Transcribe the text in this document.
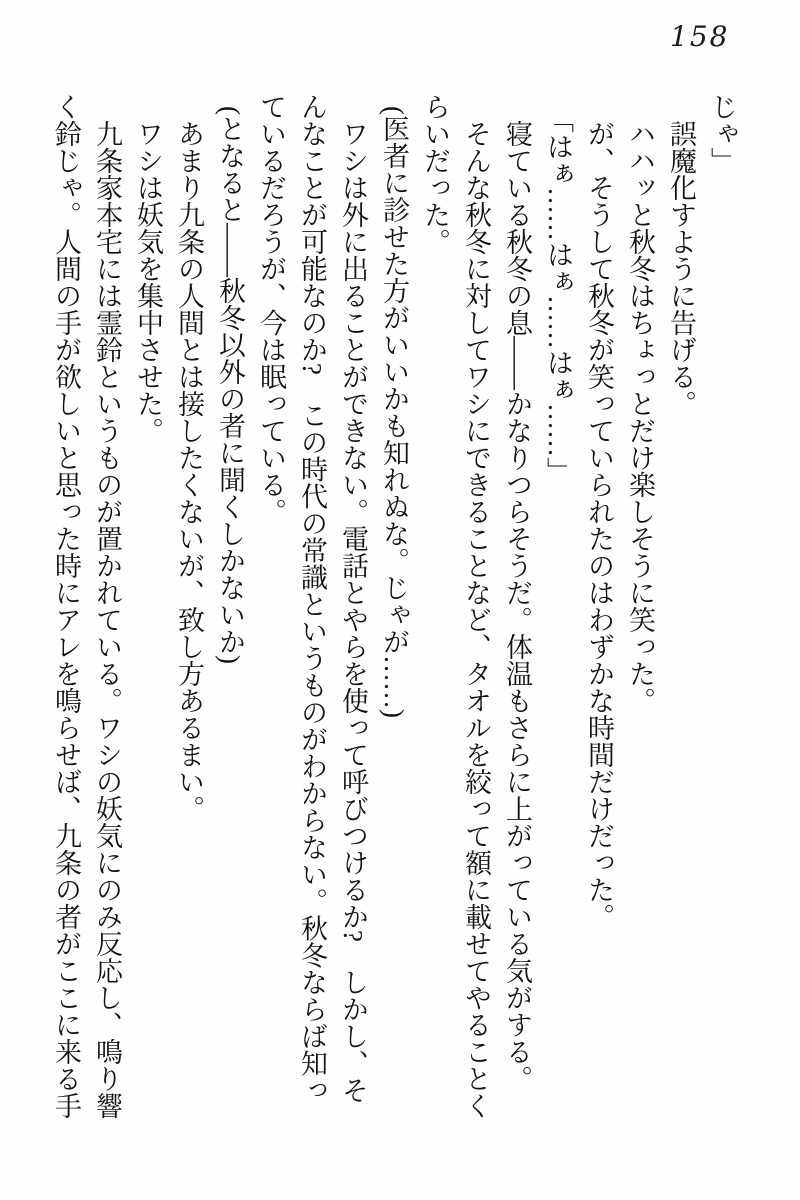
158
じゃ」
誤魔化すように告げる。
ハハッと秋冬はちょっとだけ楽しそうに笑った。
が、そうして秋冬が笑っていられたのはわずかな時間だけだった。
「はぁ……はぁ……はぁ……」
寝ている秋冬の息――かなりつらそうだ。体温もさらに上がっている気がする。
そんな秋冬に対してワシにできることなど、タオルを絞って額に載せてやることく
らいだった。
(医者に診せた方がいいかも知れぬな。じゃが……)
ワシは外に出ることができない。電話とやらを使って呼びつけるか?　しかし、そ
んなことが可能なのか?　この時代の常識というものがわからない。秋冬ならば知っ
ているだろうが、今は眠っている。
(となると――秋冬以外の者に聞くしかないか)
あまり九条の人間とは接したくないが、致し方あるまい。
ワシは妖気を集中させた。
九条家本宅には霊鈴というものが置かれている。ワシの妖気にのみ反応し、鳴り響
く鈴じゃ。人間の手が欲しいと思った時にアレを鳴らせば、九条の者がここに来る手
